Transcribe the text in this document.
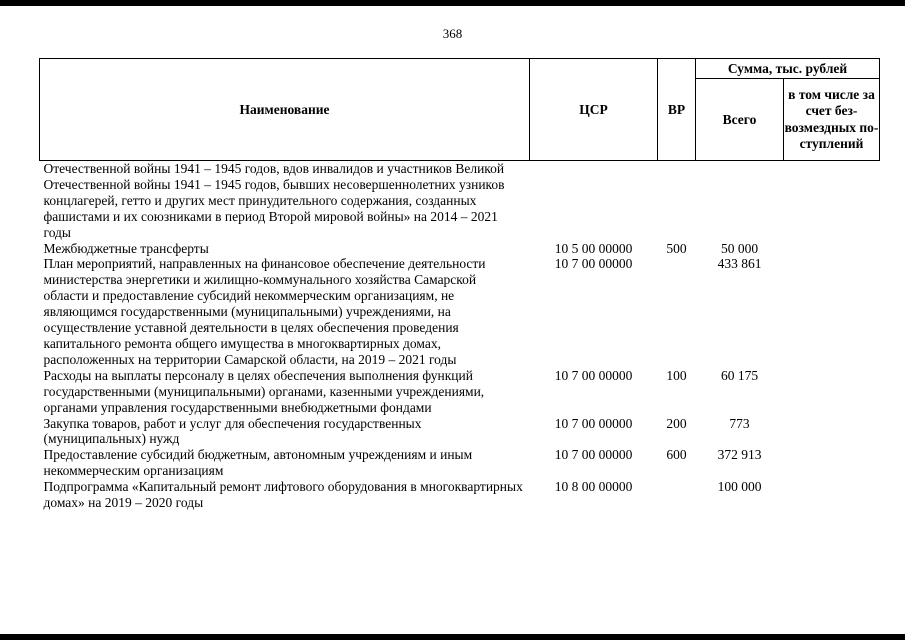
368
Наименование	ЦСР	ВР	Сумма, тыс. рублей	
			Всего	в том числе за счет без-возмездных по-ступлений
Отечественной войны 1941 – 1945 годов, вдов инвалидов и участников Великой Отечественной войны 1941 – 1945 годов, бывших несовершеннолетних узников концлагерей, гетто и других мест принудительного содержания, созданных фашистами и их союзниками в период Второй мировой войны» на 2014 – 2021 годы				
Межбюджетные трансферты	10 5 00 00000	500	50 000	
План мероприятий, направленных на финансовое обеспечение деятельности министерства энергетики и жилищно-коммунального хозяйства Самарской области и предоставление субсидий некоммерческим организациям, не являющимся государственными (муниципальными) учреждениями, на осуществление уставной деятельности в целях обеспечения проведения капитального ремонта общего имущества в многоквартирных домах, расположенных на территории Самарской области, на 2019 – 2021 годы	10 7 00 00000		433 861	
Расходы на выплаты персоналу в целях обеспечения выполнения функций государственными (муниципальными) органами, казенными учреждениями, органами управления государственными внебюджетными фондами	10 7 00 00000	100	60 175	
Закупка товаров, работ и услуг для обеспечения государственных (муниципальных) нужд	10 7 00 00000	200	773	
Предоставление субсидий бюджетным, автономным учреждениям и иным некоммерческим организациям	10 7 00 00000	600	372 913	
Подпрограмма «Капитальный ремонт лифтового оборудования в многоквартирных домах» на 2019 – 2020 годы	10 8 00 00000		100 000	
